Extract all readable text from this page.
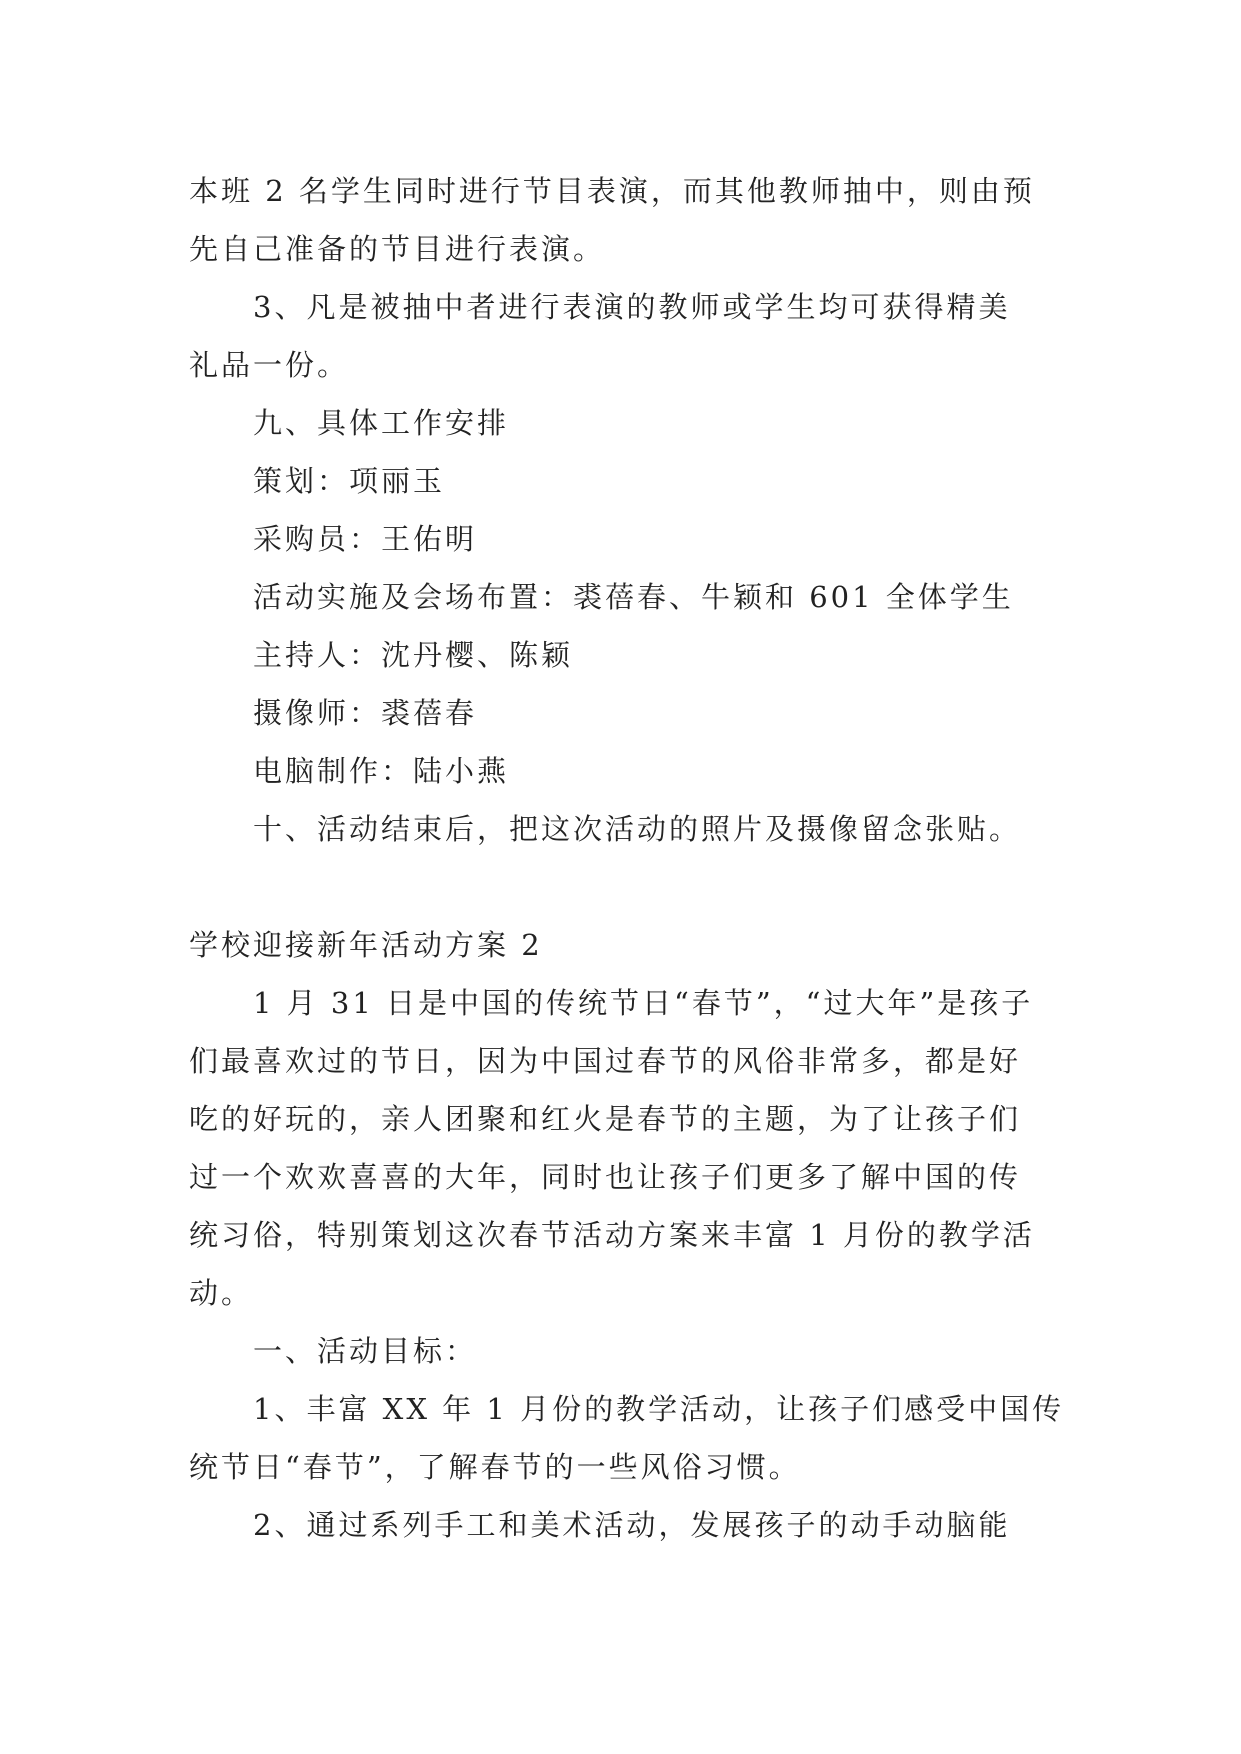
本班 2 名学生同时进行节目表演，而其他教师抽中，则由预

先自己准备的节目进行表演。

3、凡是被抽中者进行表演的教师或学生均可获得精美

礼品一份。

九、具体工作安排

策划：项丽玉

采购员：王佑明

活动实施及会场布置：裘蓓春、牛颖和 601 全体学生

主持人：沈丹樱、陈颖

摄像师：裘蓓春

电脑制作：陆小燕

十、活动结束后，把这次活动的照片及摄像留念张贴。

学校迎接新年活动方案 2

1 月 31 日是中国的传统节日“春节”，“过大年”是孩子

们最喜欢过的节日，因为中国过春节的风俗非常多，都是好

吃的好玩的，亲人团聚和红火是春节的主题，为了让孩子们

过一个欢欢喜喜的大年，同时也让孩子们更多了解中国的传

统习俗，特别策划这次春节活动方案来丰富 1 月份的教学活

动。

一、活动目标：

1、丰富 XX 年 1 月份的教学活动，让孩子们感受中国传

统节日“春节”，了解春节的一些风俗习惯。

2、通过系列手工和美术活动，发展孩子的动手动脑能
